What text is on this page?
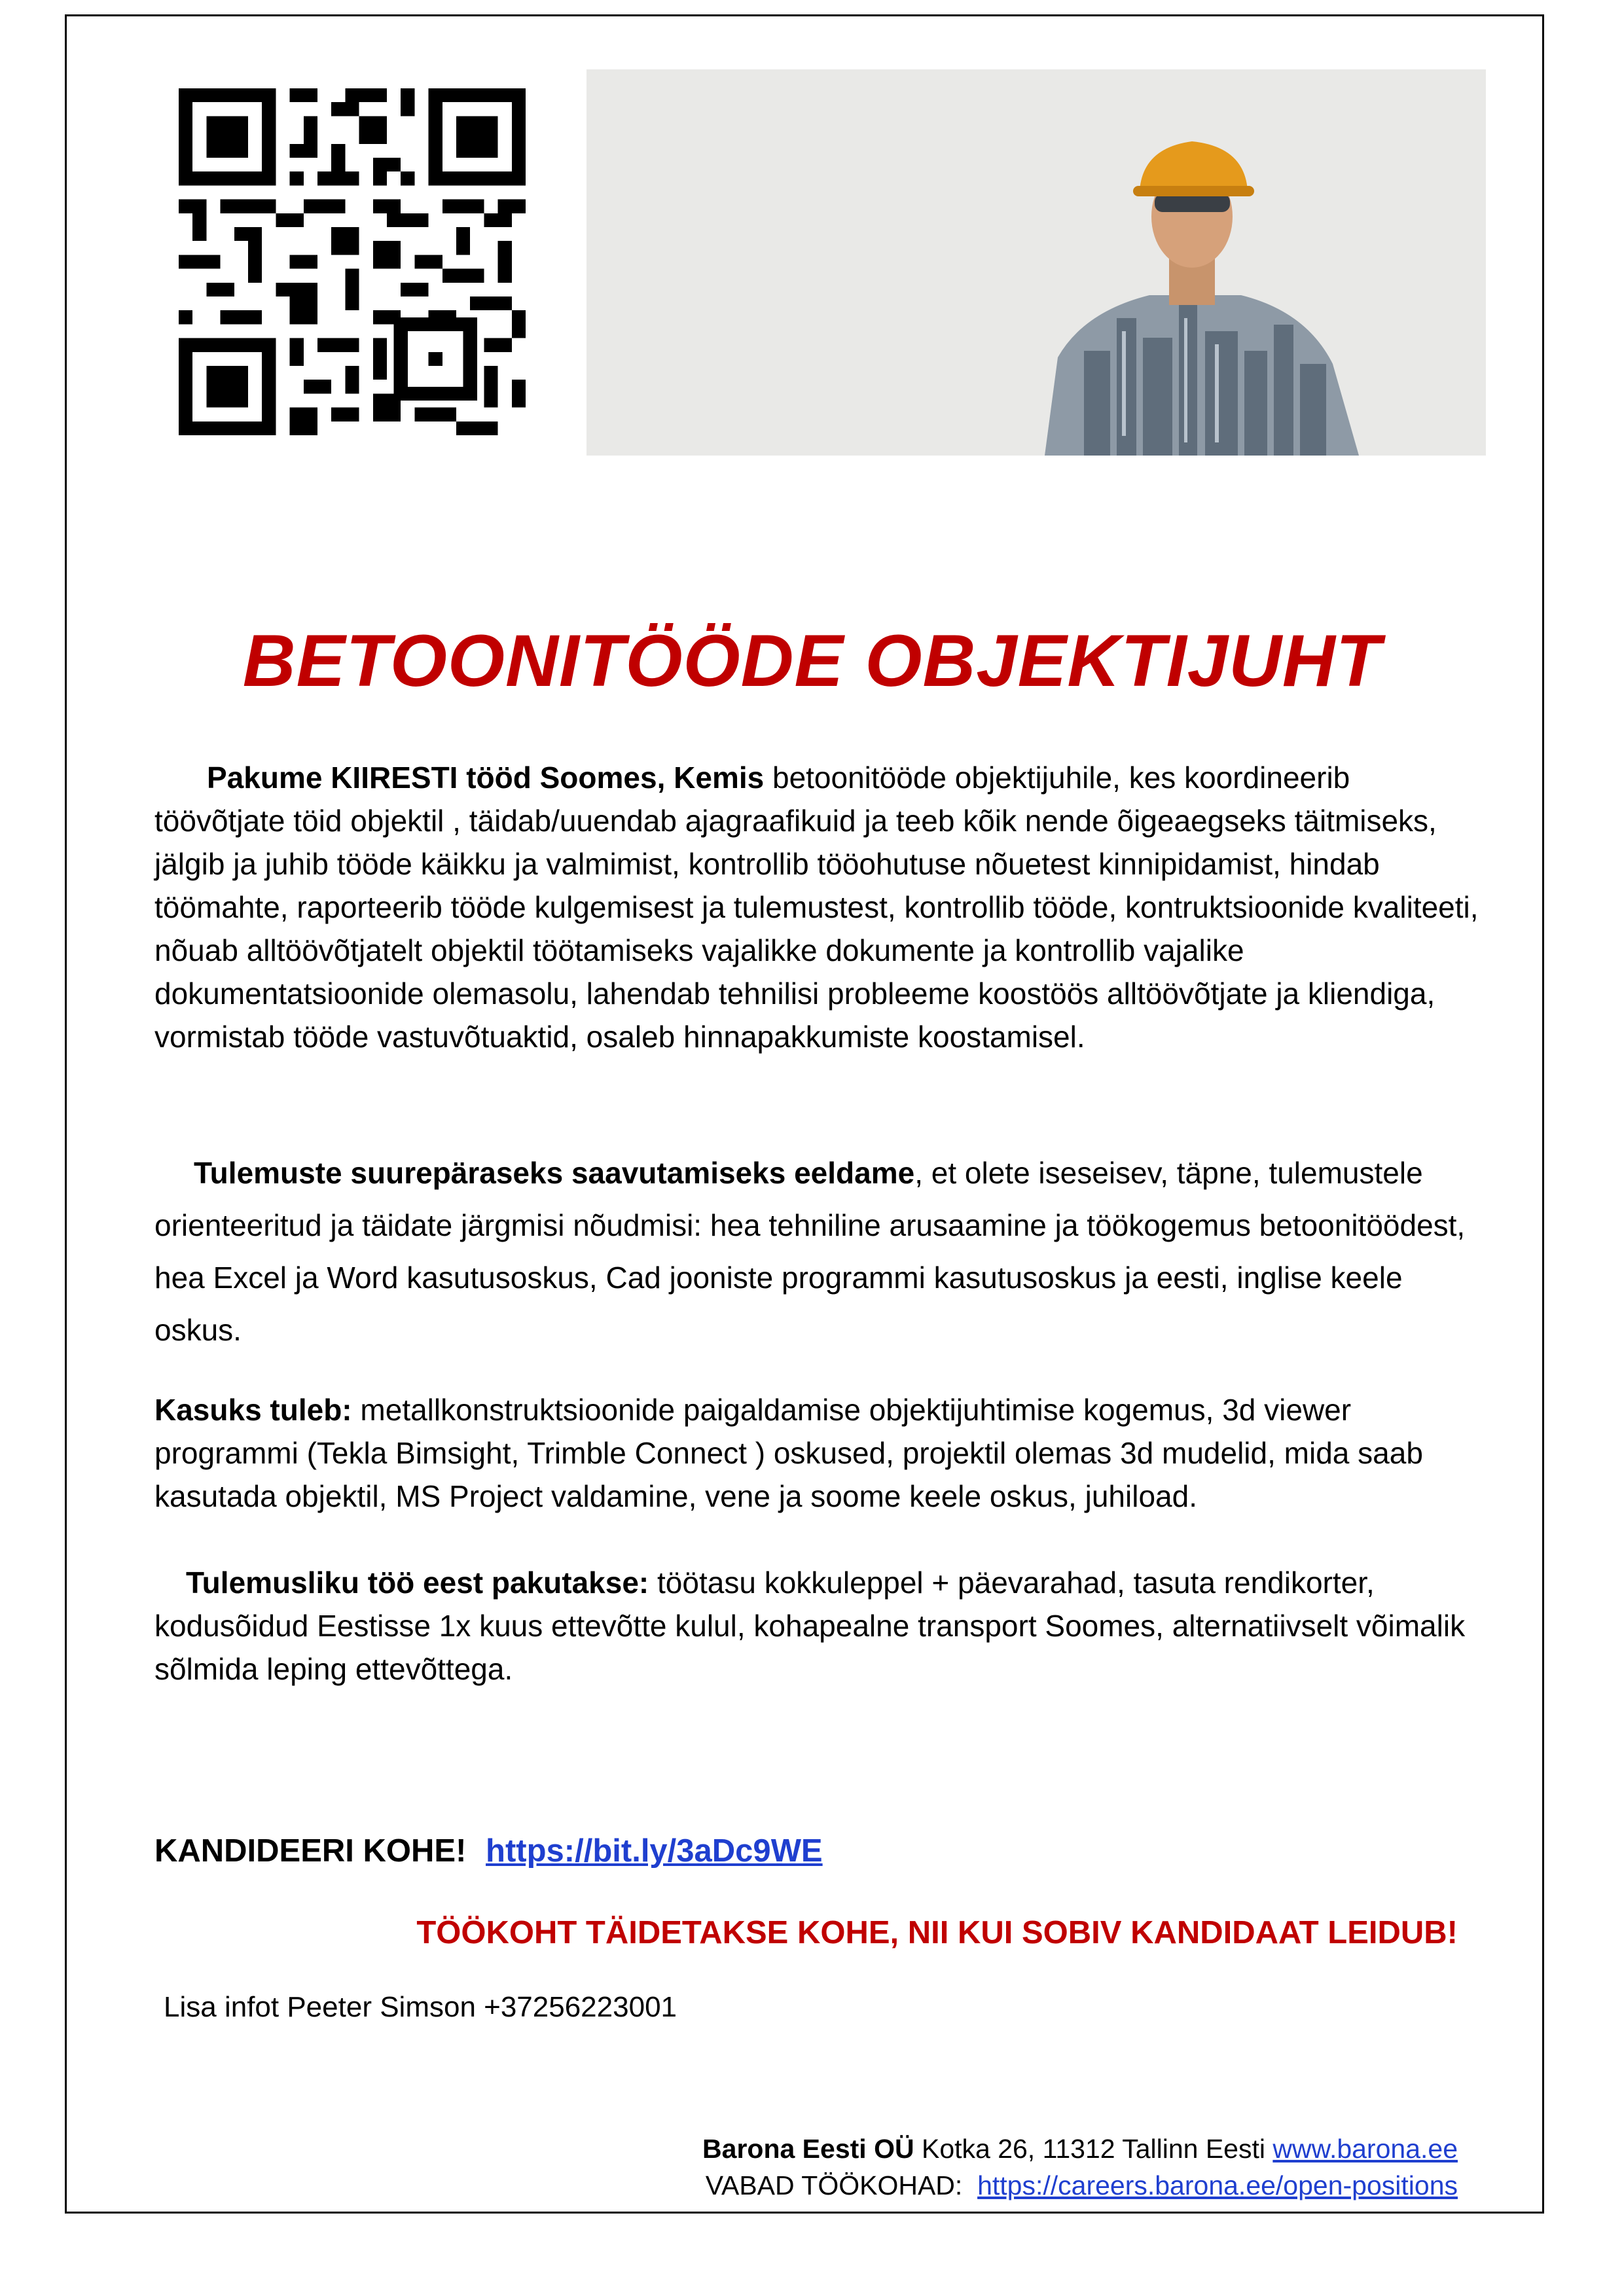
BETOONITÖÖDE OBJEKTIJUHT
Pakume KIIRESTI tööd Soomes, Kemis betoonitööde objektijuhile, kes koordineerib töövõtjate töid objektil , täidab/uuendab ajagraafikuid ja teeb kõik nende õigeaegseks täitmiseks, jälgib ja juhib tööde käikku ja valmimist, kontrollib tööohutuse nõuetest kinnipidamist, hindab töömahte, raporteerib tööde kulgemisest ja tulemustest, kontrollib tööde, kontruktsioonide kvaliteeti, nõuab alltöövõtjatelt objektil töötamiseks vajalikke dokumente ja kontrollib vajalike dokumentatsioonide olemasolu, lahendab tehnilisi probleeme koostöös alltöövõtjate ja kliendiga, vormistab tööde vastuvõtuaktid, osaleb hinnapakkumiste koostamisel.
Tulemuste suurepäraseks saavutamiseks eeldame, et olete iseseisev, täpne, tulemustele orienteeritud ja täidate järgmisi nõudmisi: hea tehniline arusaamine ja töökogemus betoonitöödest, hea Excel ja Word kasutusoskus, Cad jooniste programmi kasutusoskus ja eesti, inglise keele oskus.
Kasuks tuleb: metallkonstruktsioonide paigaldamise objektijuhtimise kogemus, 3d viewer programmi (Tekla Bimsight, Trimble Connect ) oskused, projektil olemas 3d mudelid, mida saab kasutada objektil, MS Project valdamine, vene ja soome keele oskus, juhiload.
Tulemusliku töö eest pakutakse: töötasu kokkuleppel + päevarahad, tasuta rendikorter, kodusõidud Eestisse 1x kuus ettevõtte kulul, kohapealne transport Soomes, alternatiivselt võimalik sõlmida leping ettevõttega.
KANDIDEERI KOHE! https://bit.ly/3aDc9WE
TÖÖKOHT TÄIDETAKSE KOHE, NII KUI SOBIV KANDIDAAT LEIDUB!
Lisa infot Peeter Simson +37256223001
Barona Eesti OÜ Kotka 26, 11312 Tallinn Eesti www.barona.ee
VABAD TÖÖKOHAD:  https://careers.barona.ee/open-positions
